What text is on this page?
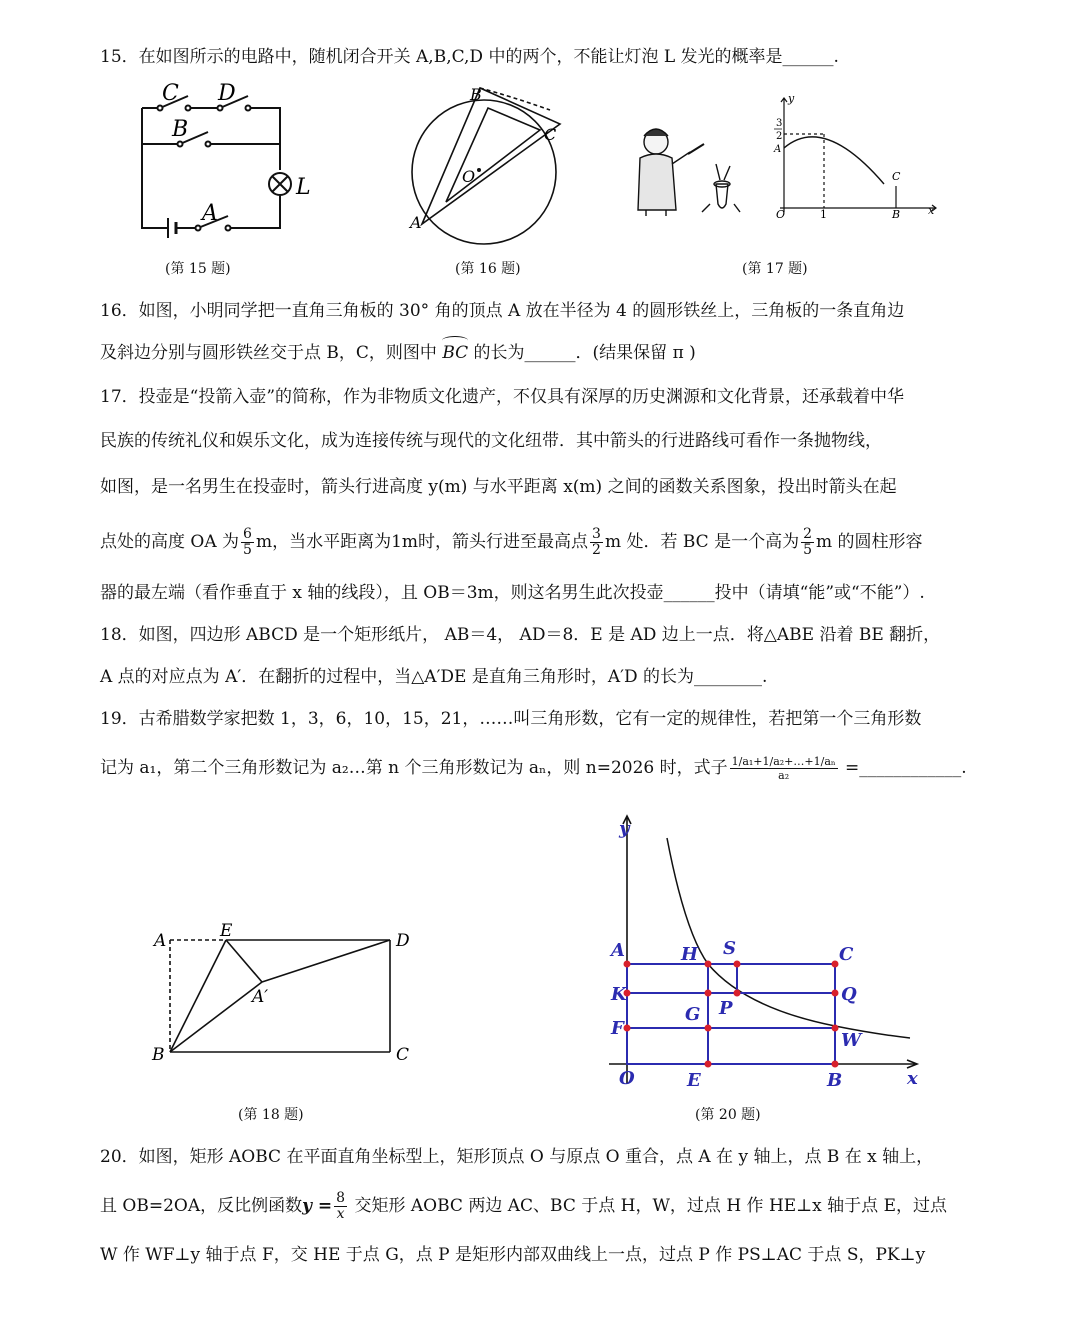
15．在如图所示的电路中，随机闭合开关 A,B,C,D 中的两个，不能让灯泡 L 发光的概率是______.
C D
B
A
L
(第 15 题)
A
B
C
O
(第 16 题)
y
x
O	1
3
2
A
B
C
(第 17 题)
16．如图，小明同学把一直角三角板的 30° 角的顶点 A 放在半径为 4 的圆形铁丝上，三角板的一条直角边
及斜边分别与圆形铁丝交于点 B，C，则图中
BC 的长为______．(结果保留 π )
17．投壶是“投箭入壶”的简称，作为非物质文化遗产，不仅具有深厚的历史渊源和文化背景，还承载着中华
民族的传统礼仪和娱乐文化，成为连接传统与现代的文化纽带．其中箭头的行进路线可看作一条抛物线，
如图，是一名男生在投壶时，箭头行进高度 y(m) 与水平距离 x(m) 之间的函数关系图象，投出时箭头在起
点处的高度 OA 为 $\frac{6}{5}$ m，当水平距离为1m时，箭头行进至最高点 $\frac{3}{2}$ m 处．若 BC 是一个高为 $\frac{2}{5}$ m 的圆柱形容
器的最左端（看作垂直于 x 轴的线段），且 OB＝3m，则这名男生此次投壶______投中（请填“能”或“不能”）.
18．如图，四边形 ABCD 是一个矩形纸片， AB＝4， AD＝8．E 是 AD 边上一点．将△ABE 沿着 BE 翻折，
A 点的对应点为 A′．在翻折的过程中，当△A′DE 是直角三角形时，A′D 的长为________.
19．古希腊数学家把数 1，3，6，10，15，21，……叫三角形数，它有一定的规律性，若把第一个三角形数
记为 a₁，第二个三角形数记为 a₂…第 n 个三角形数记为 aₙ，则 n=2026 时，式子 $\frac{\text{1/a₁+1/a₂+…+1/aₙ}}{\text{a₂}}$ =____________.
A	E	D
A′
B	C
(第 18 题)
y
x
O
A
K
F
H S	C
Q
G P
W
E	B
(第 20 题)
20．如图，矩形 AOBC 在平面直角坐标型上，矩形顶点 O 与原点 O 重合，点 A 在 y 轴上，点 B 在 x 轴上，
且 OB=2OA，反比例函数$y = \frac{8}{x}$ 交矩形 AOBC 两边 AC、BC 于点 H，W，过点 H 作 HE⊥x 轴于点 E，过点
W 作 WF⊥y 轴于点 F，交 HE 于点 G，点 P 是矩形内部双曲线上一点，过点 P 作 PS⊥AC 于点 S，PK⊥y
